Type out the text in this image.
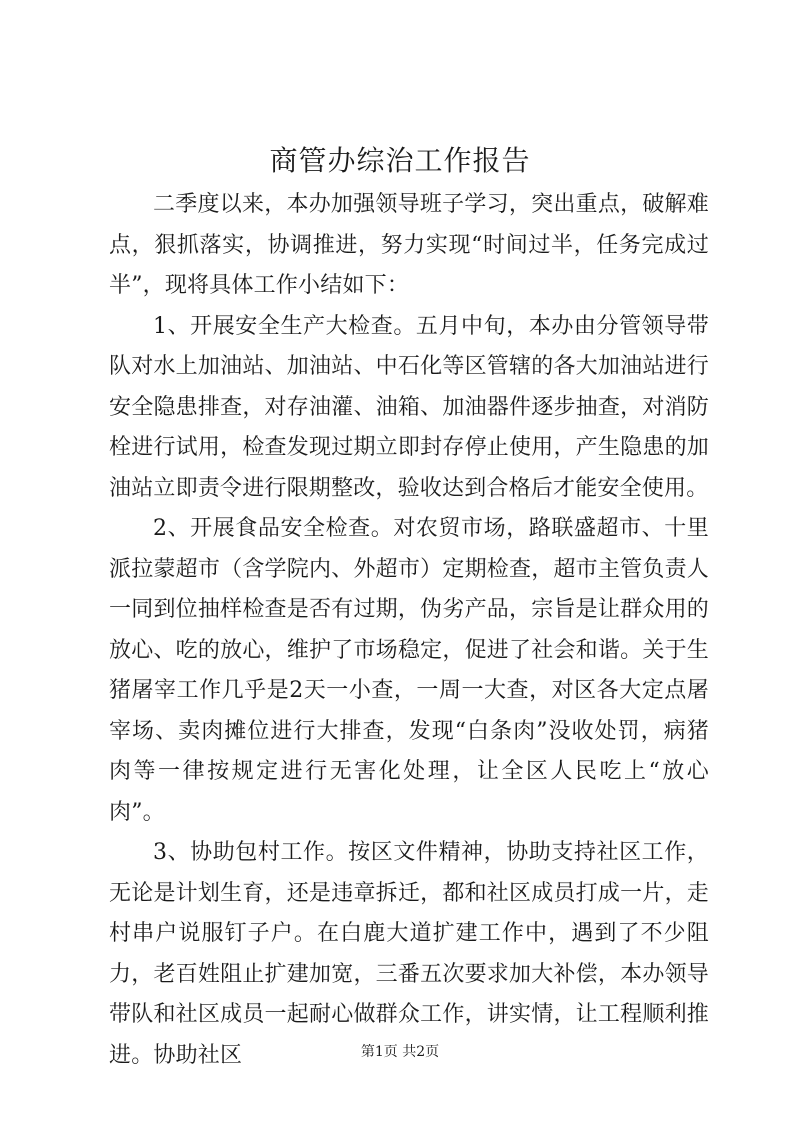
商管办综治工作报告

二季度以来，本办加强领导班子学习，突出重点，破解难点，狠抓落实，协调推进，努力实现“时间过半，任务完成过半”，现将具体工作小结如下：

1、开展安全生产大检查。五月中旬，本办由分管领导带队对水上加油站、加油站、中石化等区管辖的各大加油站进行安全隐患排查，对存油灌、油箱、加油器件逐步抽查，对消防栓进行试用，检查发现过期立即封存停止使用，产生隐患的加油站立即责令进行限期整改，验收达到合格后才能安全使用。

2、开展食品安全检查。对农贸市场，路联盛超市、十里派拉蒙超市（含学院内、外超市）定期检查，超市主管负责人一同到位抽样检查是否有过期，伪劣产品，宗旨是让群众用的放心、吃的放心，维护了市场稳定，促进了社会和谐。关于生猪屠宰工作几乎是2天一小查，一周一大查，对区各大定点屠宰场、卖肉摊位进行大排查，发现“白条肉”没收处罚，病猪肉等一律按规定进行无害化处理，让全区人民吃上“放心肉”。

3、协助包村工作。按区文件精神，协助支持社区工作，无论是计划生育，还是违章拆迁，都和社区成员打成一片，走村串户说服钉子户。在白鹿大道扩建工作中，遇到了不少阻力，老百姓阻止扩建加宽，三番五次要求加大补偿，本办领导带队和社区成员一起耐心做群众工作，讲实情，让工程顺利推进。协助社区	第1页 共2页
